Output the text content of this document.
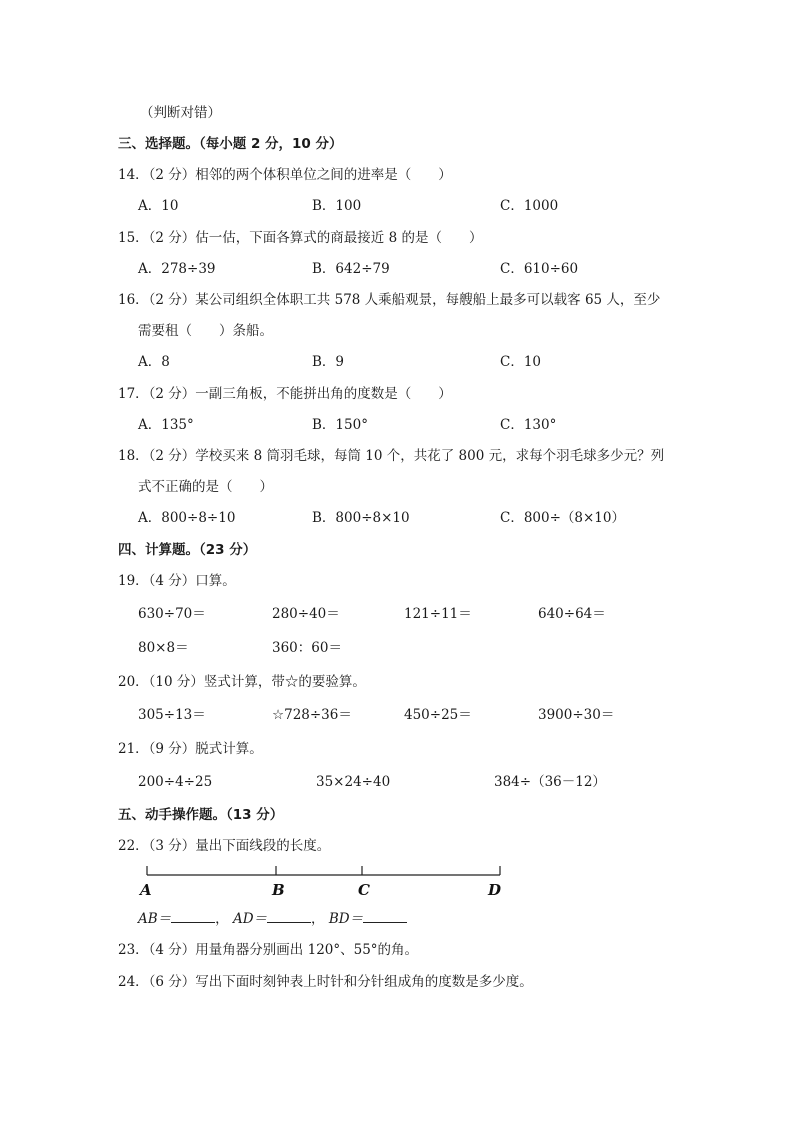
（判断对错）
三、选择题。（每小题 2 分，10 分）
14．（2 分）相邻的两个体积单位之间的进率是（　　）
A．10	B．100	C．1000
15．（2 分）估一估，下面各算式的商最接近 8 的是（　　）
A．278÷39	B．642÷79	C．610÷60
16．（2 分）某公司组织全体职工共 578 人乘船观景，每艘船上最多可以载客 65 人，至少
需要租（　　）条船。
A．8	B．9	C．10
17．（2 分）一副三角板，不能拼出角的度数是（　　）
A．135°	B．150°	C．130°
18．（2 分）学校买来 8 筒羽毛球，每筒 10 个，共花了 800 元，求每个羽毛球多少元？列
式不正确的是（　　）
A．800÷8÷10	B．800÷8×10	C．800÷（8×10）
四、计算题。（23 分）
19．（4 分）口算。
630÷70＝	280÷40＝	121÷11＝	640÷64＝
80×8＝	360：60＝
20．（10 分）竖式计算，带☆的要验算。
305÷13＝	☆728÷36＝	450÷25＝	3900÷30＝
21．（9 分）脱式计算。
200÷4÷25	35×24÷40	384÷（36－12）
五、动手操作题。（13 分）
22．（3 分）量出下面线段的长度。
A	B	C	D
AB＝	， AD＝	， BD＝
23．（4 分）用量角器分别画出 120°、55°的角。
24．（6 分）写出下面时刻钟表上时针和分针组成角的度数是多少度。
